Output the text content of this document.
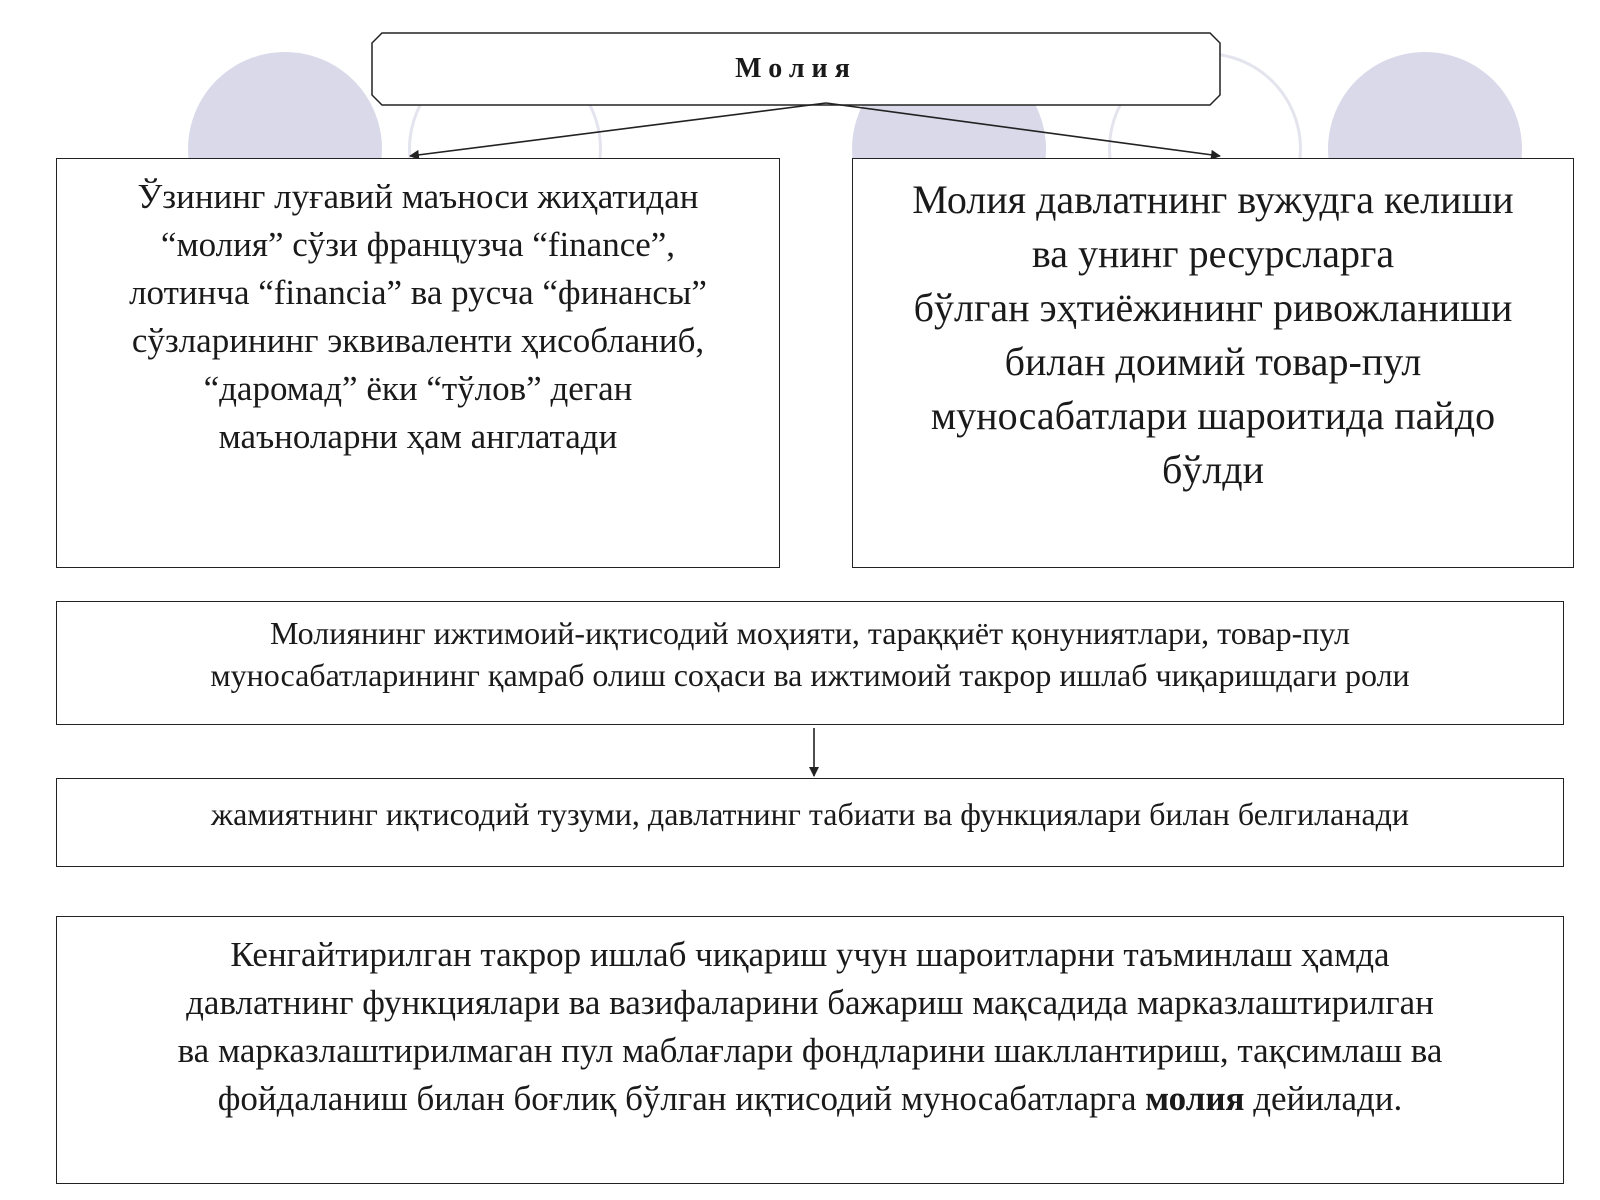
Молия
Ўзининг луғавий маъноси жиҳатидан
“молия” сўзи французча “finance”,
лотинча “financia” ва русча “финансы”
сўзларининг эквиваленти ҳисобланиб,
“даромад” ёки “тўлов” деган
маъноларни ҳам англатади
Молия давлатнинг вужудга келиши
ва унинг ресурсларга
бўлган эҳтиёжининг ривожланиши
билан доимий товар-пул
муносабатлари шароитида пайдо
бўлди
Молиянинг ижтимоий-иқтисодий моҳияти, тараққиёт қонуниятлари, товар-пул
муносабатларининг қамраб олиш соҳаси ва ижтимоий такрор ишлаб чиқаришдаги роли
жамиятнинг иқтисодий тузуми, давлатнинг табиати ва функциялари билан белгиланади
Кенгайтирилган такрор ишлаб чиқариш учун шароитларни таъминлаш ҳамда
давлатнинг функциялари ва вазифаларини бажариш мақсадида марказлаштирилган
ва марказлаштирилмаган пул маблағлари фондларини шакллантириш, тақсимлаш ва
фойдаланиш билан боғлиқ бўлган иқтисодий муносабатларга молия дейилади.
